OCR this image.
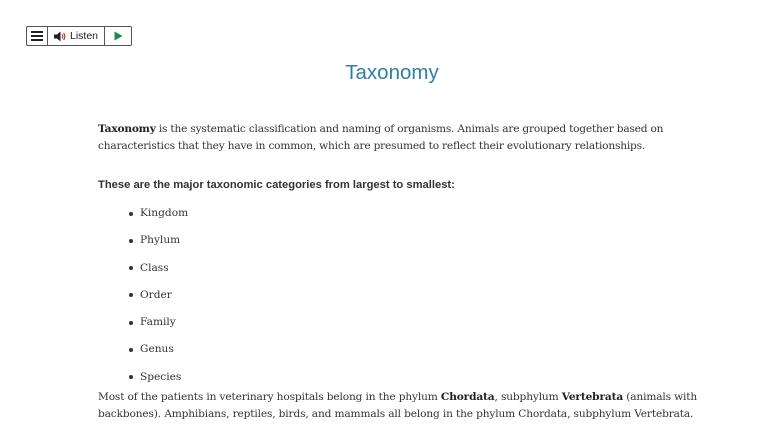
Listen
Taxonomy

Taxonomy is the systematic classification and naming of organisms. Animals are grouped together based on characteristics that they have in common, which are presumed to reflect their evolutionary relationships.

These are the major taxonomic categories from largest to smallest:
Kingdom
Phylum
Class
Order
Family
Genus
Species

Most of the patients in veterinary hospitals belong in the phylum Chordata, subphylum Vertebrata (animals with backbones). Amphibians, reptiles, birds, and mammals all belong in the phylum Chordata, subphylum Vertebrata.
